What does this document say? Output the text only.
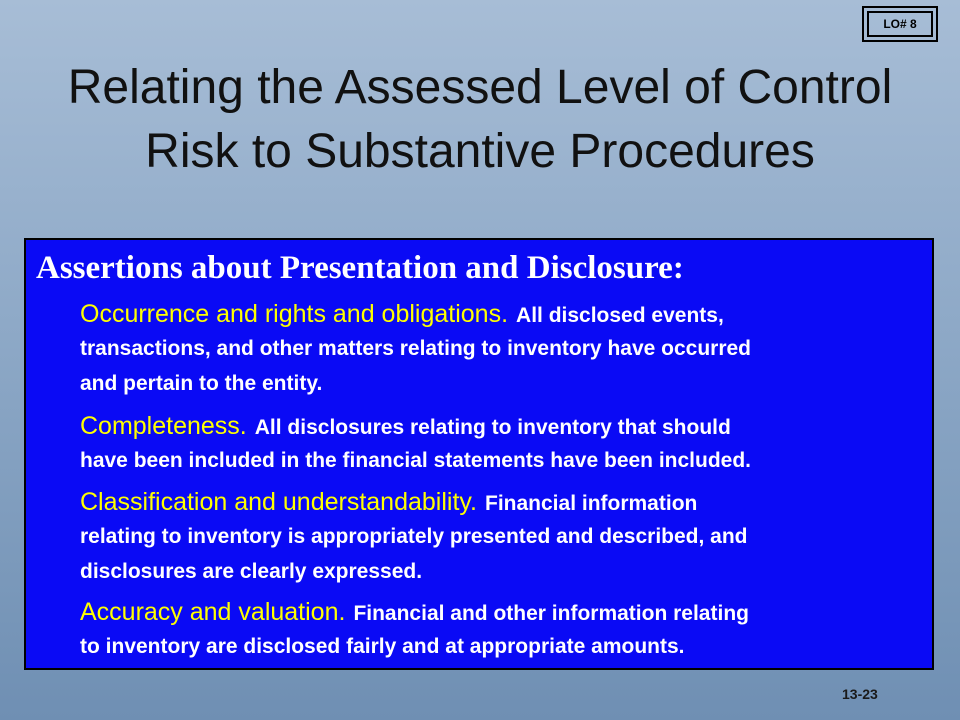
LO# 8
Relating the Assessed Level of Control
Risk to Substantive Procedures
Assertions about Presentation and Disclosure:
Occurrence and rights and obligations. All disclosed events,
transactions, and other matters relating to inventory have occurred
and pertain to the entity.
Completeness. All disclosures relating to inventory that should
have been included in the financial statements have been included.
Classification and understandability. Financial information
relating to inventory is appropriately presented and described, and
disclosures are clearly expressed.
Accuracy and valuation. Financial and other information relating
to inventory are disclosed fairly and at appropriate amounts.
13-23
